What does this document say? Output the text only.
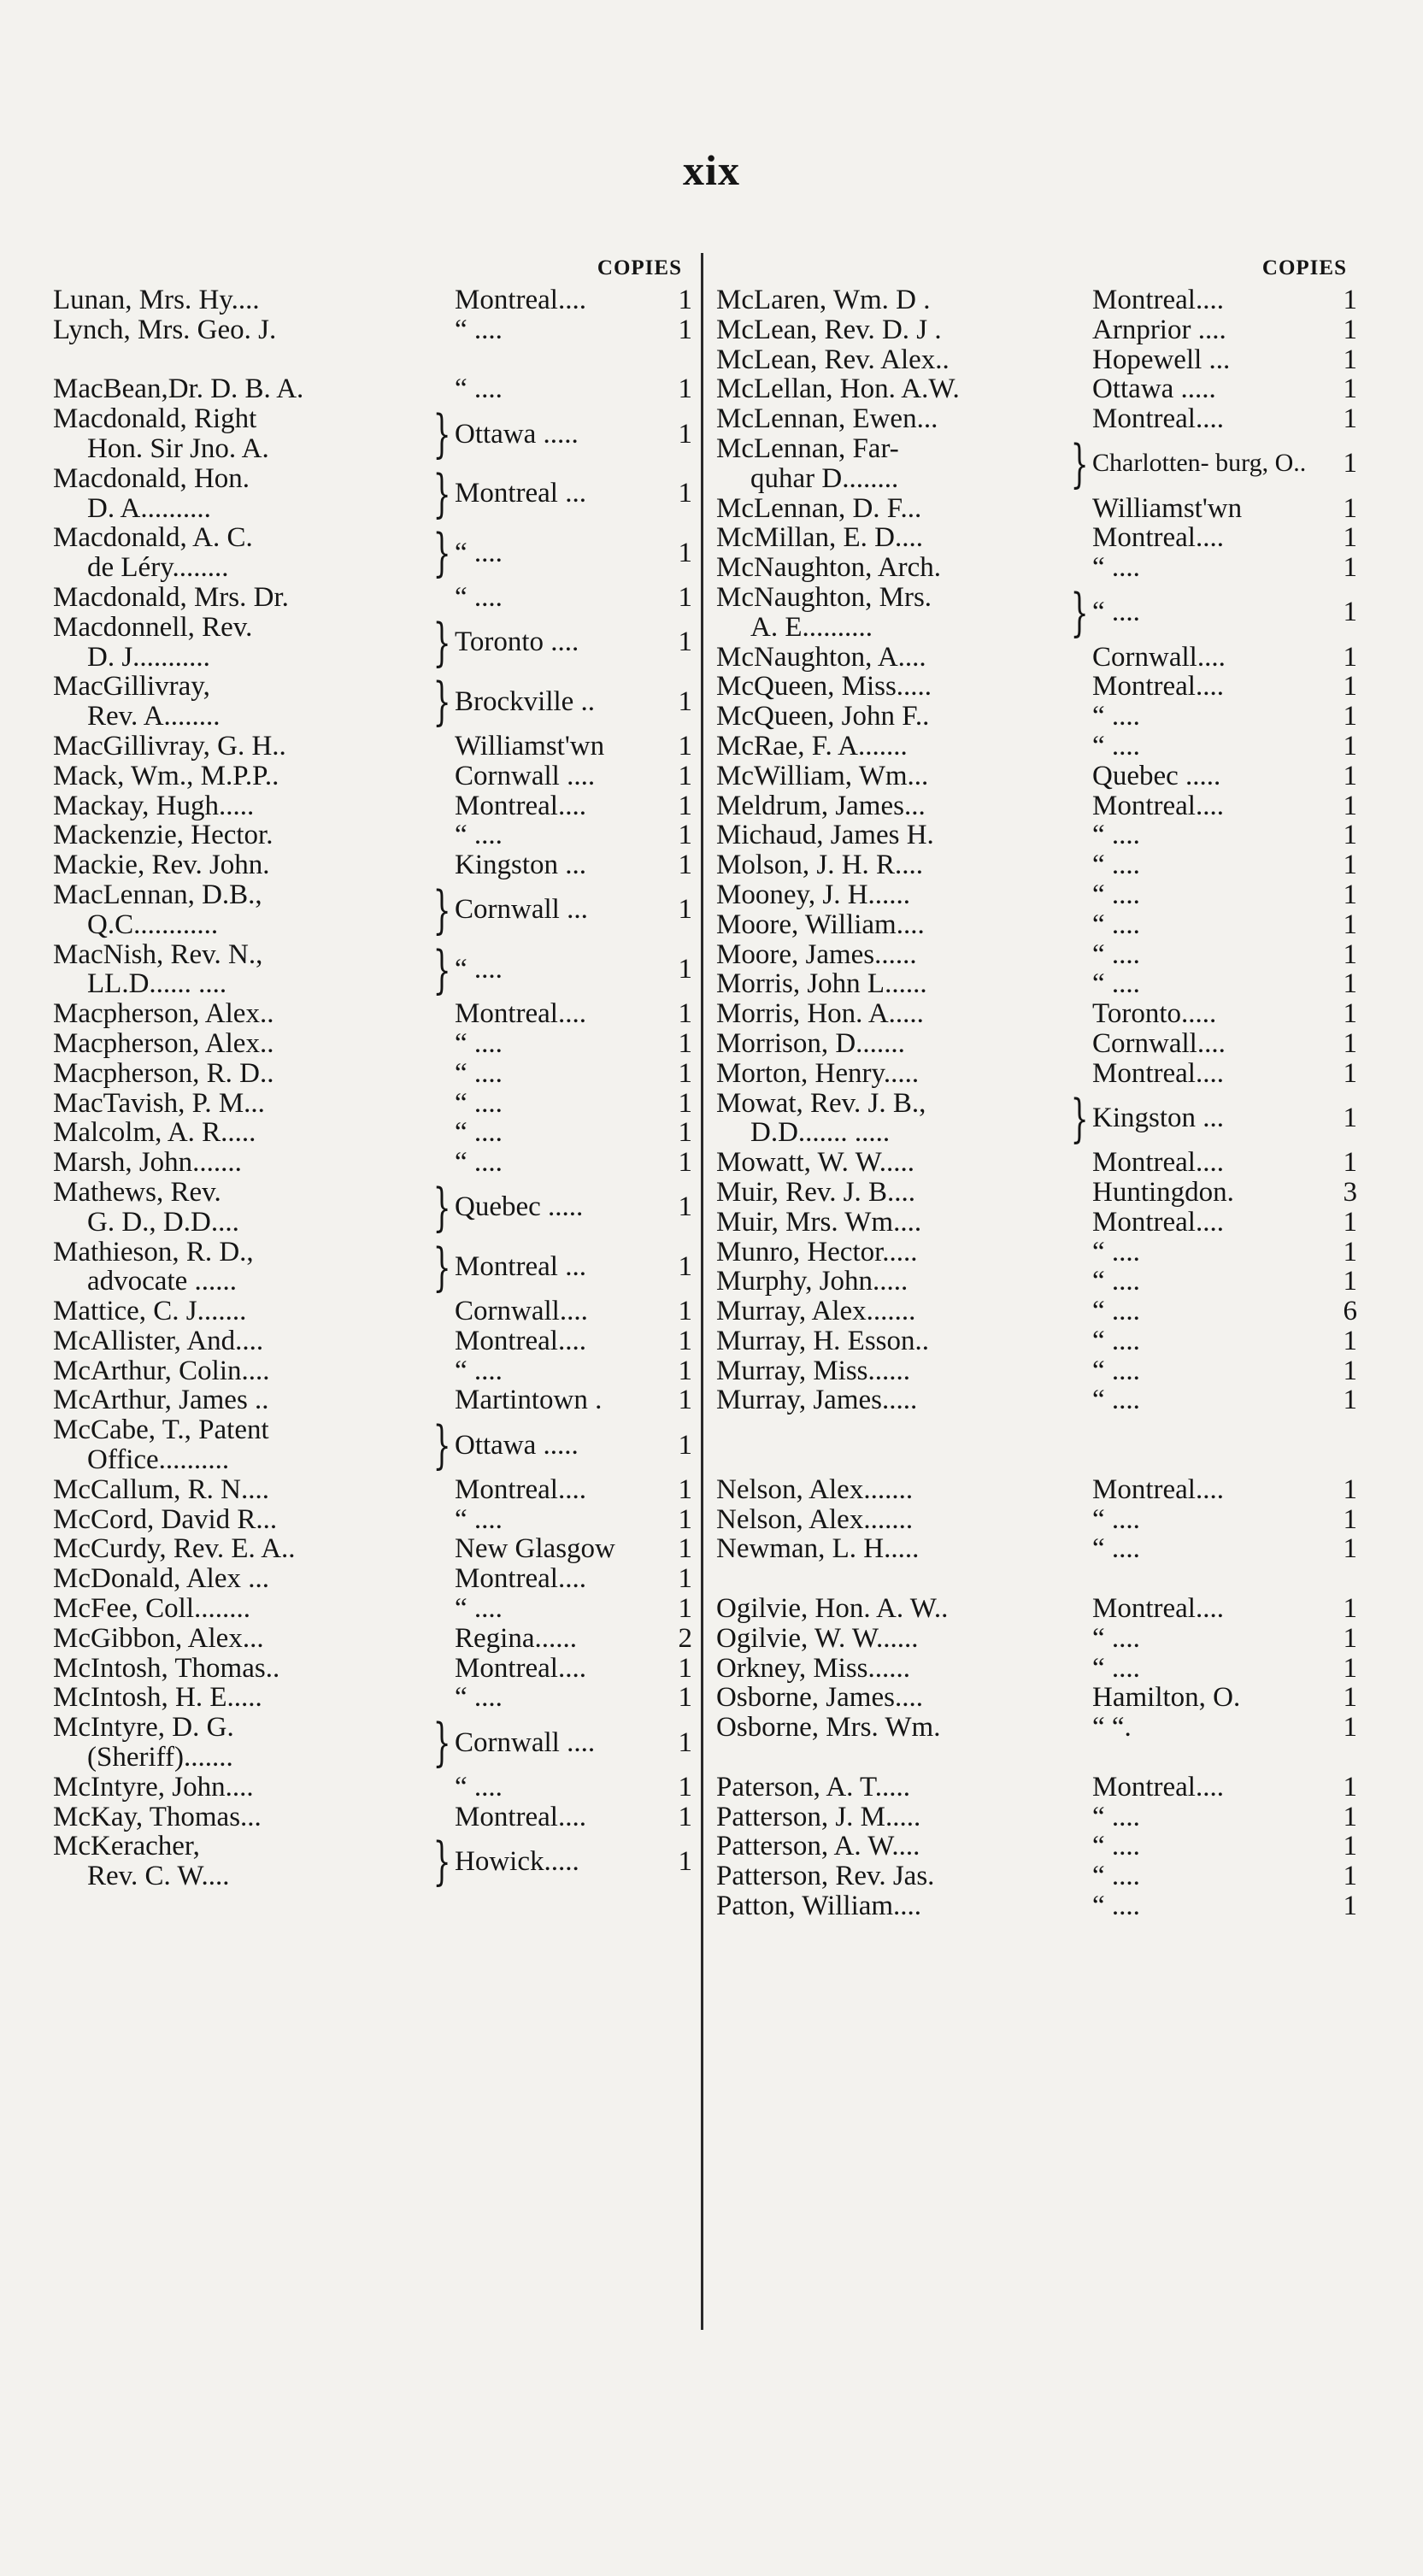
xix
COPIES
Lunan, Mrs. Hy....	Montreal....	1
Lynch, Mrs. Geo. J.	“ ....	1
MacBean,Dr. D. B. A.	“ ....	1
}
Macdonald, Right
Hon. Sir Jno. A.	Ottawa .....	1
}
Macdonald, Hon.
D. A..........	Montreal ...	1
}
Macdonald, A. C.
de Léry........	“ ....	1
Macdonald, Mrs. Dr.	“ ....	1
}
Macdonnell, Rev.
D. J...........	Toronto ....	1
}
MacGillivray,
Rev. A........	Brockville ..	1
MacGillivray, G. H..	Williamst'wn	1
Mack, Wm., M.P.P..	Cornwall ....	1
Mackay, Hugh.....	Montreal....	1
Mackenzie, Hector.	“ ....	1
Mackie, Rev. John.	Kingston ...	1
}
MacLennan, D.B.,
Q.C............	Cornwall ...	1
}
MacNish, Rev. N.,
LL.D...... ....	“ ....	1
Macpherson, Alex..	Montreal....	1
Macpherson, Alex..	“ ....	1
Macpherson, R. D..	“ ....	1
MacTavish, P. M...	“ ....	1
Malcolm, A. R.....	“ ....	1
Marsh, John.......	“ ....	1
}
Mathews, Rev.
G. D., D.D....	Quebec .....	1
}
Mathieson, R. D.,
advocate ......	Montreal ...	1
Mattice, C. J.......	Cornwall....	1
McAllister, And....	Montreal....	1
McArthur, Colin....	“ ....	1
McArthur, James ..	Martintown .	1
}
McCabe, T., Patent
Office..........	Ottawa .....	1
McCallum, R. N....	Montreal....	1
McCord, David R...	“ ....	1
McCurdy, Rev. E. A..	New Glasgow 1
McDonald, Alex ...	Montreal....	1
McFee, Coll........	“ ....	1
McGibbon, Alex...	Regina......	2
McIntosh, Thomas..	Montreal....	1
McIntosh, H. E.....	“ ....	1
}
McIntyre, D. G.
(Sheriff).......	Cornwall ....	1
McIntyre, John....	“ ....	1
McKay, Thomas...	Montreal....	1
}
McKeracher,
Rev. C. W....	Howick.....	1
COPIES
McLaren, Wm. D .	Montreal....	1
McLean, Rev. D. J .	Arnprior ....	1
McLean, Rev. Alex..	Hopewell ...	1
McLellan, Hon. A.W.	Ottawa .....	1
McLennan, Ewen...	Montreal....	1
}
McLennan, Far-
quhar D........	Charlotten- burg, O.. 1
McLennan, D. F...	Williamst'wn	1
McMillan, E. D....	Montreal....	1
McNaughton, Arch.	“ ....	1
}
McNaughton, Mrs.
A. E..........	“ ....	1
McNaughton, A....	Cornwall....	1
McQueen, Miss.....	Montreal....	1
McQueen, John F..	“ ....	1
McRae, F. A.......	“ ....	1
McWilliam, Wm...	Quebec .....	1
Meldrum, James...	Montreal....	1
Michaud, James H.	“ ....	1
Molson, J. H. R....	“ ....	1
Mooney, J. H......	“ ....	1
Moore, William....	“ ....	1
Moore, James......	“ ....	1
Morris, John L......	“ ....	1
Morris, Hon. A.....	Toronto.....	1
Morrison, D.......	Cornwall....	1
Morton, Henry.....	Montreal....	1
}
Mowat, Rev. J. B.,
D.D....... .....	Kingston ...	1
Mowatt, W. W.....	Montreal....	1
Muir, Rev. J. B....	Huntingdon.	3
Muir, Mrs. Wm....	Montreal....	1
Munro, Hector.....	“ ....	1
Murphy, John.....	“ ....	1
Murray, Alex.......	“ ....	6
Murray, H. Esson..	“ ....	1
Murray, Miss......	“ ....	1
Murray, James.....	“ ....	1
Nelson, Alex.......	Montreal....	1
Nelson, Alex.......	“ ....	1
Newman, L. H.....	“ ....	1
Ogilvie, Hon. A. W..	Montreal....	1
Ogilvie, W. W......	“ ....	1
Orkney, Miss......	“ ....	1
Osborne, James....	Hamilton, O.	1
Osborne, Mrs. Wm.	“ “.	1
Paterson, A. T.....	Montreal....	1
Patterson, J. M.....	“ ....	1
Patterson, A. W....	“ ....	1
Patterson, Rev. Jas.	“ ....	1
Patton, William....	“ ....	1
